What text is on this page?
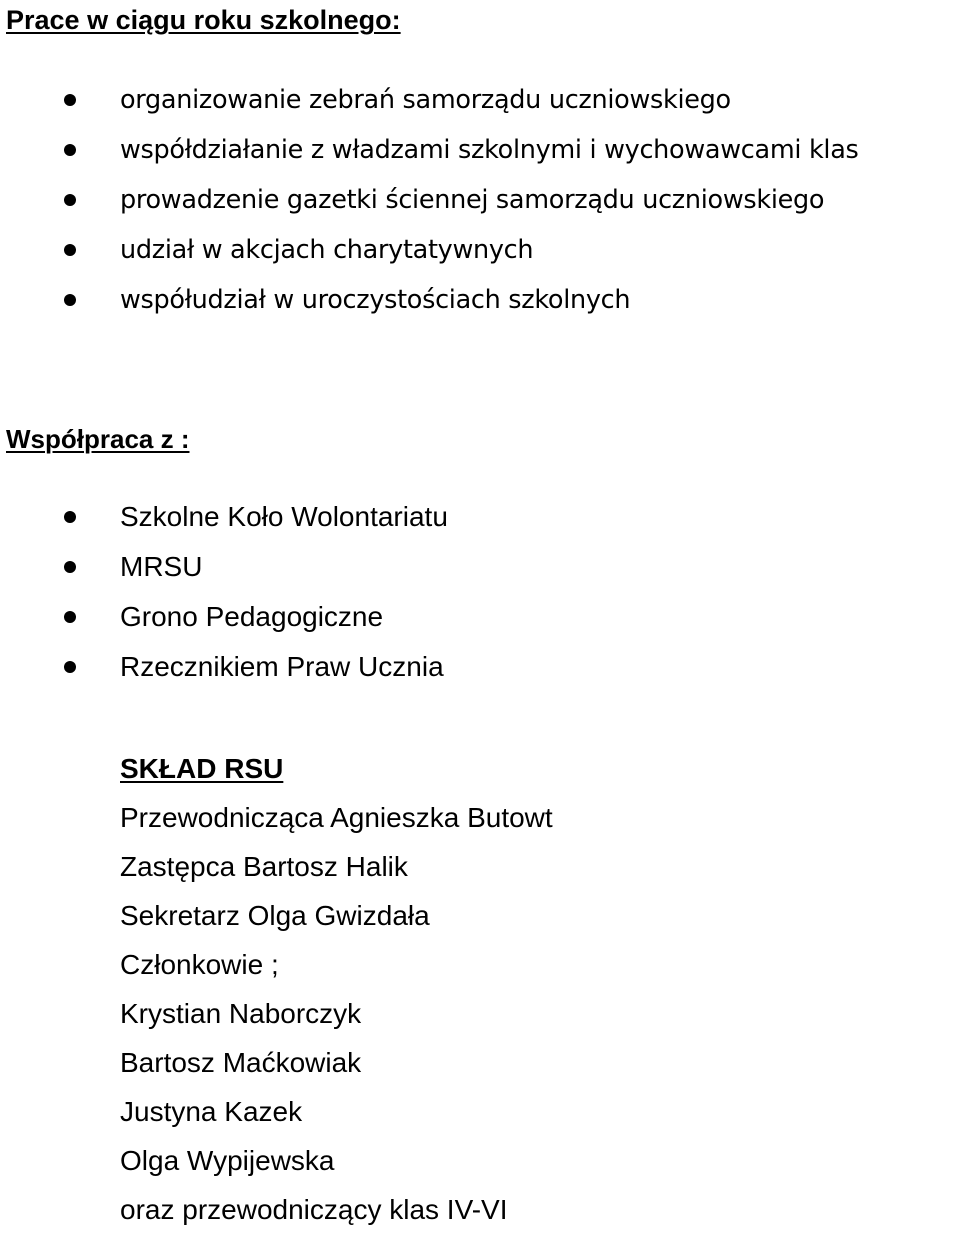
Prace w ciągu roku szkolnego:
organizowanie zebrań samorządu uczniowskiego
współdziałanie z władzami szkolnymi i wychowawcami klas
prowadzenie gazetki ściennej samorządu uczniowskiego
udział w akcjach charytatywnych
współudział w uroczystościach szkolnych
Współpraca z :
Szkolne Koło Wolontariatu
MRSU
Grono Pedagogiczne
Rzecznikiem Praw Ucznia
SKŁAD RSU
Przewodnicząca Agnieszka Butowt
Zastępca Bartosz Halik
Sekretarz Olga Gwizdała
Członkowie ;
Krystian Naborczyk
Bartosz Maćkowiak
Justyna Kazek
Olga Wypijewska
oraz przewodniczący klas IV-VI
